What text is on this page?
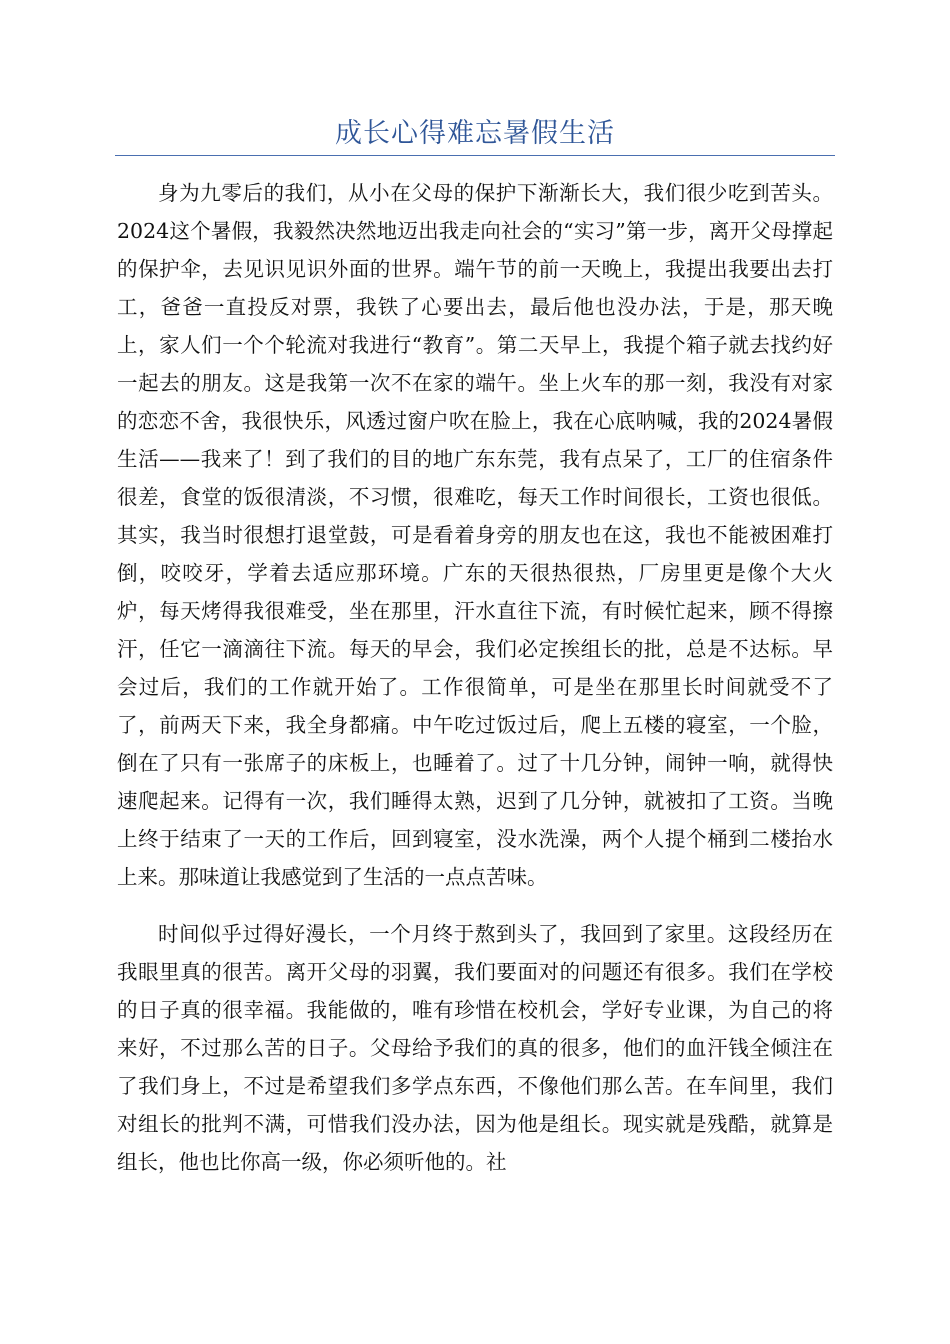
成长心得难忘暑假生活

身为九零后的我们，从小在父母的保护下渐渐长大，我们很少吃到苦头。2024这个暑假，我毅然决然地迈出我走向社会的“实习”第一步，离开父母撑起的保护伞，去见识见识外面的世界。端午节的前一天晚上，我提出我要出去打工，爸爸一直投反对票，我铁了心要出去，最后他也没办法，于是，那天晚上，家人们一个个轮流对我进行“教育”。第二天早上，我提个箱子就去找约好一起去的朋友。这是我第一次不在家的端午。坐上火车的那一刻，我没有对家的恋恋不舍，我很快乐，风透过窗户吹在脸上，我在心底呐喊，我的2024暑假生活——我来了！到了我们的目的地广东东莞，我有点呆了，工厂的住宿条件很差，食堂的饭很清淡，不习惯，很难吃，每天工作时间很长，工资也很低。其实，我当时很想打退堂鼓，可是看着身旁的朋友也在这，我也不能被困难打倒，咬咬牙，学着去适应那环境。广东的天很热很热，厂房里更是像个大火炉，每天烤得我很难受，坐在那里，汗水直往下流，有时候忙起来，顾不得擦汗，任它一滴滴往下流。每天的早会，我们必定挨组长的批，总是不达标。早会过后，我们的工作就开始了。工作很简单，可是坐在那里长时间就受不了了，前两天下来，我全身都痛。中午吃过饭过后，爬上五楼的寝室，一个脸，倒在了只有一张席子的床板上，也睡着了。过了十几分钟，闹钟一响，就得快速爬起来。记得有一次，我们睡得太熟，迟到了几分钟，就被扣了工资。当晚上终于结束了一天的工作后，回到寝室，没水洗澡，两个人提个桶到二楼抬水上来。那味道让我感觉到了生活的一点点苦味。

时间似乎过得好漫长，一个月终于熬到头了，我回到了家里。这段经历在我眼里真的很苦。离开父母的羽翼，我们要面对的问题还有很多。我们在学校的日子真的很幸福。我能做的，唯有珍惜在校机会，学好专业课，为自己的将来好，不过那么苦的日子。父母给予我们的真的很多，他们的血汗钱全倾注在了我们身上，不过是希望我们多学点东西，不像他们那么苦。在车间里，我们对组长的批判不满，可惜我们没办法，因为他是组长。现实就是残酷，就算是组长，他也比你高一级，你必须听他的。社
